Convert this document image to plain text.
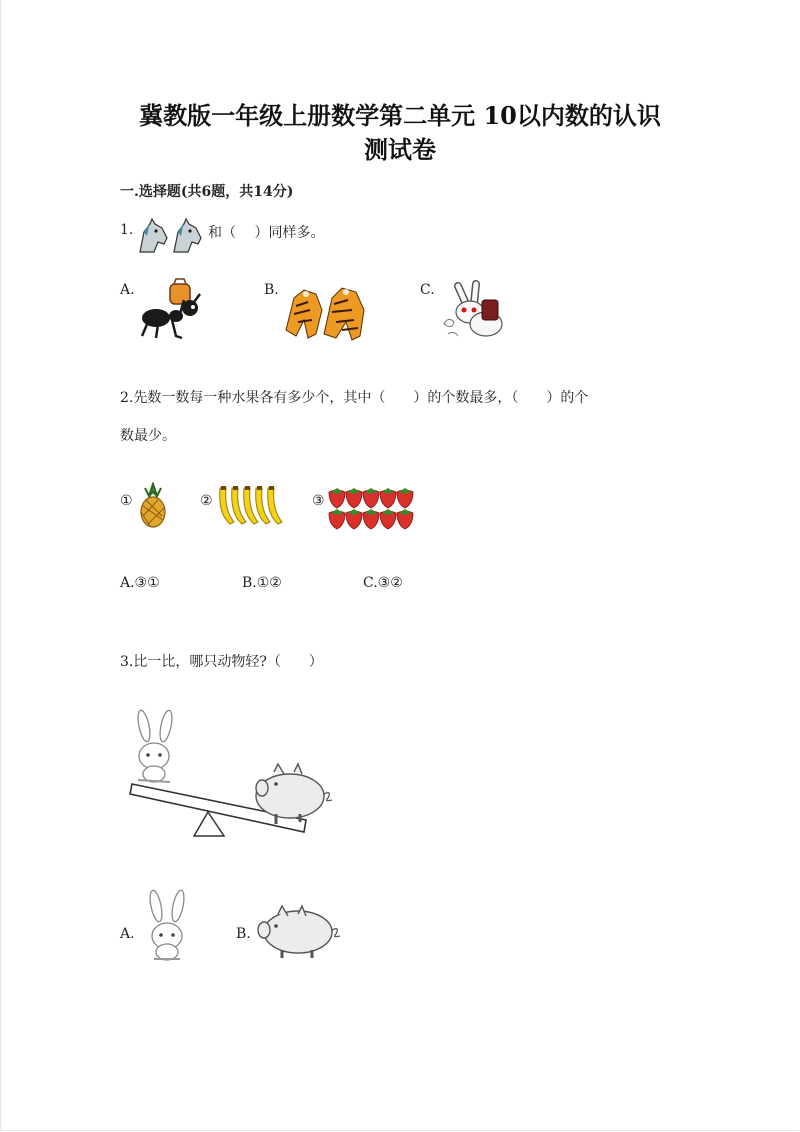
冀教版一年级上册数学第二单元 10以内数的认识
测试卷
一.选择题(共6题，共14分)
1.	和（　 ）同样多。
A.	B.	C.
2.先数一数每一种水果各有多少个，其中（　　）的个数最多，（　　）的个
数最少。
①	②	③
A.③①	B.①②	C.③②
3.比一比，哪只动物轻?（　　）
A.	B.
